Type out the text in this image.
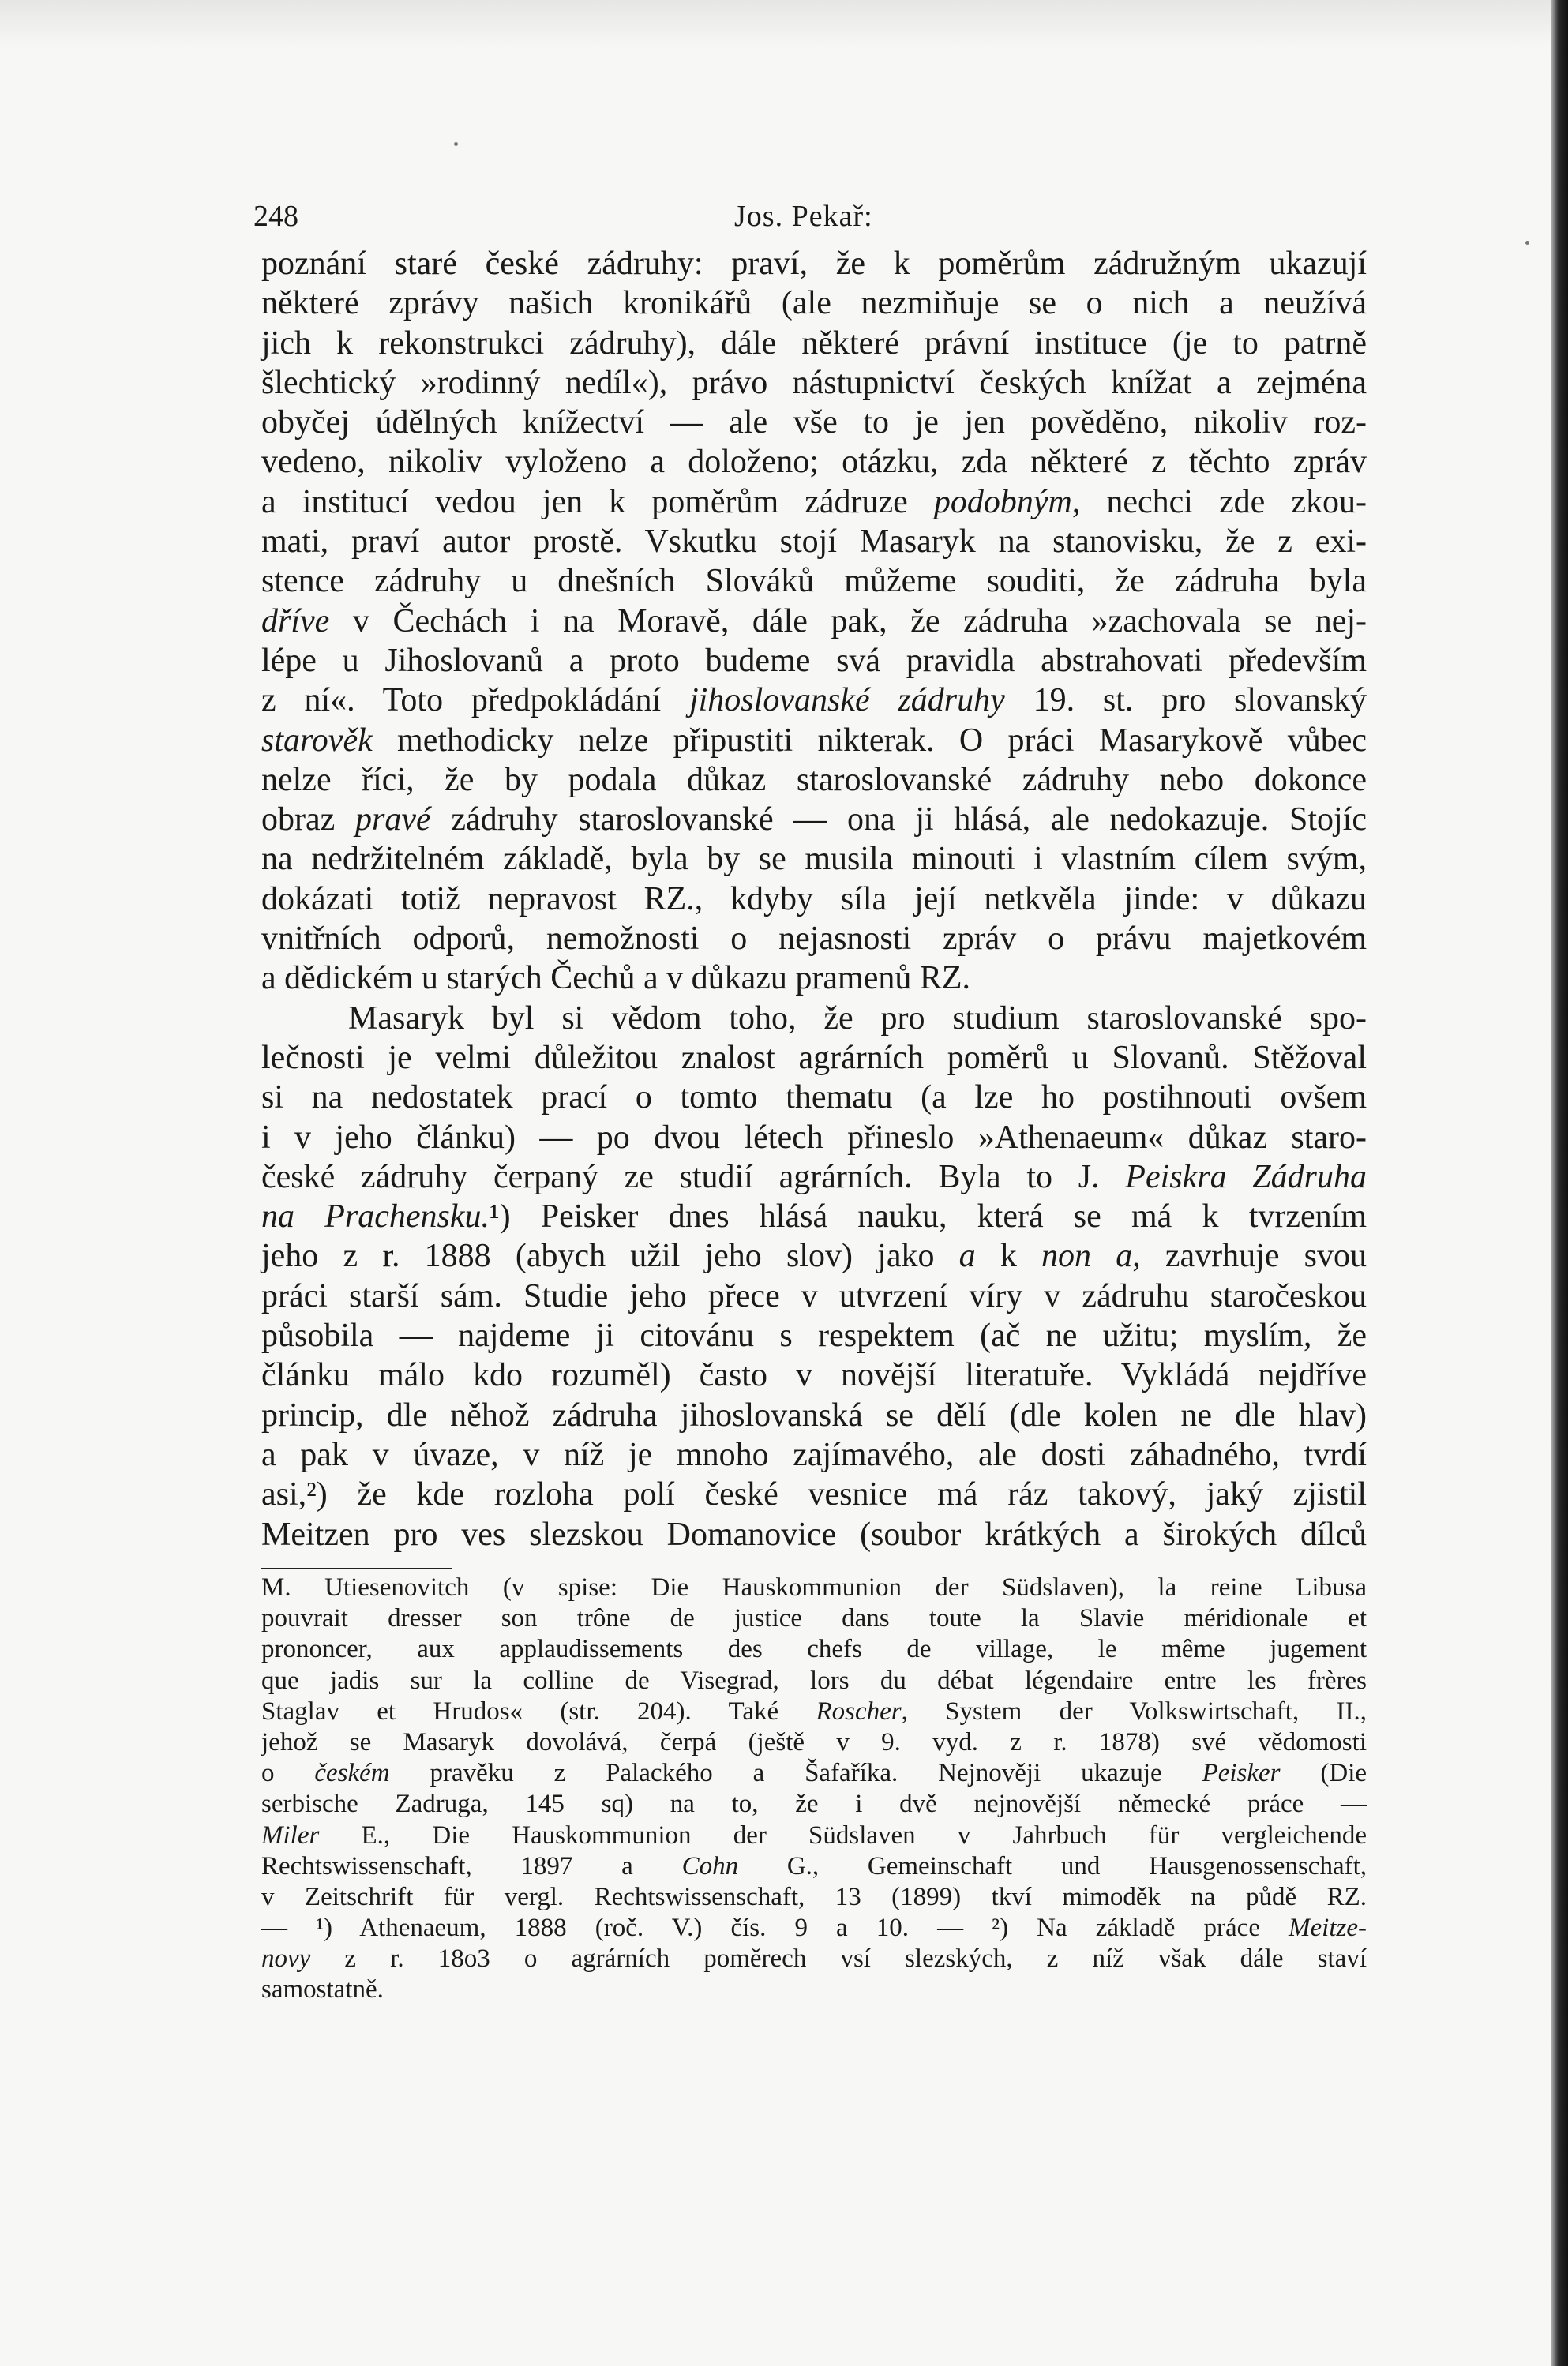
248	Jos. Pekař:
poznání staré české zádruhy: praví, že k poměrům zádružným ukazují
některé zprávy našich kronikářů (ale nezmiňuje se o nich a neužívá
jich k rekonstrukci zádruhy), dále některé právní instituce (je to patrně
šlechtický »rodinný nedíl«), právo nástupnictví českých knížat a zejména
obyčej údělných knížectví — ale vše to je jen pověděno, nikoliv roz-
vedeno, nikoliv vyloženo a doloženo; otázku, zda některé z těchto zpráv
a institucí vedou jen k poměrům zádruze podobným, nechci zde zkou-
mati, praví autor prostě. Vskutku stojí Masaryk na stanovisku, že z exi-
stence zádruhy u dnešních Slováků můžeme souditi, že zádruha byla
dříve v Čechách i na Moravě, dále pak, že zádruha »zachovala se nej-
lépe u Jihoslovanů a proto budeme svá pravidla abstrahovati především
z ní«. Toto předpokládání jihoslovanské zádruhy 19. st. pro slovanský
starověk methodicky nelze připustiti nikterak. O práci Masarykově vůbec
nelze říci, že by podala důkaz staroslovanské zádruhy nebo dokonce
obraz pravé zádruhy staroslovanské — ona ji hlásá, ale nedokazuje. Stojíc
na nedržitelném základě, byla by se musila minouti i vlastním cílem svým,
dokázati totiž nepravost RZ., kdyby síla její netkvěla jinde: v důkazu
vnitřních odporů, nemožnosti o nejasnosti zpráv o právu majetkovém
a dědickém u starých Čechů a v důkazu pramenů RZ.
Masaryk byl si vědom toho, že pro studium staroslovanské spo-
lečnosti je velmi důležitou znalost agrárních poměrů u Slovanů. Stěžoval
si na nedostatek prací o tomto thematu (a lze ho postihnouti ovšem
i v jeho článku) — po dvou létech přineslo »Athenaeum« důkaz staro-
české zádruhy čerpaný ze studií agrárních. Byla to J. Peiskra Zádruha
na Prachensku.¹) Peisker dnes hlásá nauku, která se má k tvrzením
jeho z r. 1888 (abych užil jeho slov) jako a k non a, zavrhuje svou
práci starší sám. Studie jeho přece v utvrzení víry v zádruhu staročeskou
působila — najdeme ji citovánu s respektem (ač ne užitu; myslím, že
článku málo kdo rozuměl) často v novější literatuře. Vykládá nejdříve
princip, dle něhož zádruha jihoslovanská se dělí (dle kolen ne dle hlav)
a pak v úvaze, v níž je mnoho zajímavého, ale dosti záhadného, tvrdí
asi,²) že kde rozloha polí české vesnice má ráz takový, jaký zjistil
Meitzen pro ves slezskou Domanovice (soubor krátkých a širokých dílců
M. Utiesenovitch (v spise: Die Hauskommunion der Südslaven), la reine Libusa
pouvrait dresser son trône de justice dans toute la Slavie méridionale et
prononcer, aux applaudissements des chefs de village, le même jugement
que jadis sur la colline de Visegrad, lors du débat légendaire entre les frères
Staglav et Hrudos« (str. 204). Také Roscher, System der Volkswirtschaft, II.,
jehož se Masaryk dovolává, čerpá (ještě v 9. vyd. z r. 1878) své vědomosti
o českém pravěku z Palackého a Šafaříka. Nejnověji ukazuje Peisker (Die
serbische Zadruga, 145 sq) na to, že i dvě nejnovější německé práce —
Miler E., Die Hauskommunion der Südslaven v Jahrbuch für vergleichende
Rechtswissenschaft, 1897 a Cohn G., Gemeinschaft und Hausgenossenschaft,
v Zeitschrift für vergl. Rechtswissenschaft, 13 (1899) tkví mimoděk na půdě RZ.
— ¹) Athenaeum, 1888 (roč. V.) čís. 9 a 10. — ²) Na základě práce Meitze-
novy z r. 18o3 o agrárních poměrech vsí slezských, z níž však dále staví
samostatně.
